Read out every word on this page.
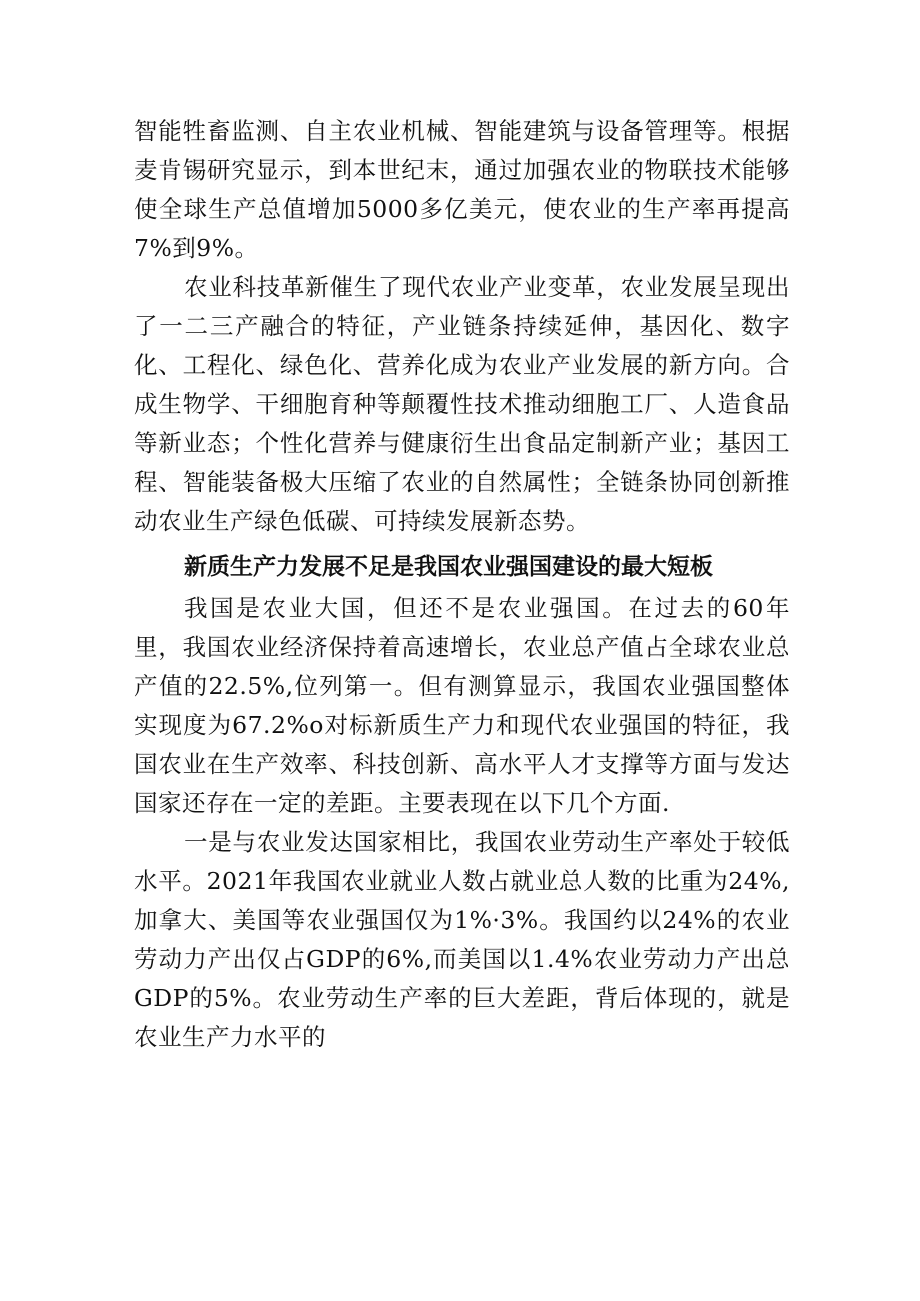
智能牲畜监测、自主农业机械、智能建筑与设备管理等。根据麦肯锡研究显示，到本世纪末，通过加强农业的物联技术能够使全球生产总值增加5000多亿美元，使农业的生产率再提高7%到9%。

农业科技革新催生了现代农业产业变革，农业发展呈现出了一二三产融合的特征，产业链条持续延伸，基因化、数字化、工程化、绿色化、营养化成为农业产业发展的新方向。合成生物学、干细胞育种等颠覆性技术推动细胞工厂、人造食品等新业态；个性化营养与健康衍生出食品定制新产业；基因工程、智能装备极大压缩了农业的自然属性；全链条协同创新推动农业生产绿色低碳、可持续发展新态势。

新质生产力发展不足是我国农业强国建设的最大短板

我国是农业大国，但还不是农业强国。在过去的60年里，我国农业经济保持着高速增长，农业总产值占全球农业总产值的22.5%,位列第一。但有测算显示，我国农业强国整体实现度为67.2%o对标新质生产力和现代农业强国的特征，我国农业在生产效率、科技创新、高水平人才支撑等方面与发达国家还存在一定的差距。主要表现在以下几个方面.

一是与农业发达国家相比，我国农业劳动生产率处于较低水平。2021年我国农业就业人数占就业总人数的比重为24%,加拿大、美国等农业强国仅为1%·3%。我国约以24%的农业劳动力产出仅占GDP的6%,而美国以1.4%农业劳动力产出总GDP的5%。农业劳动生产率的巨大差距，背后体现的，就是农业生产力水平的
